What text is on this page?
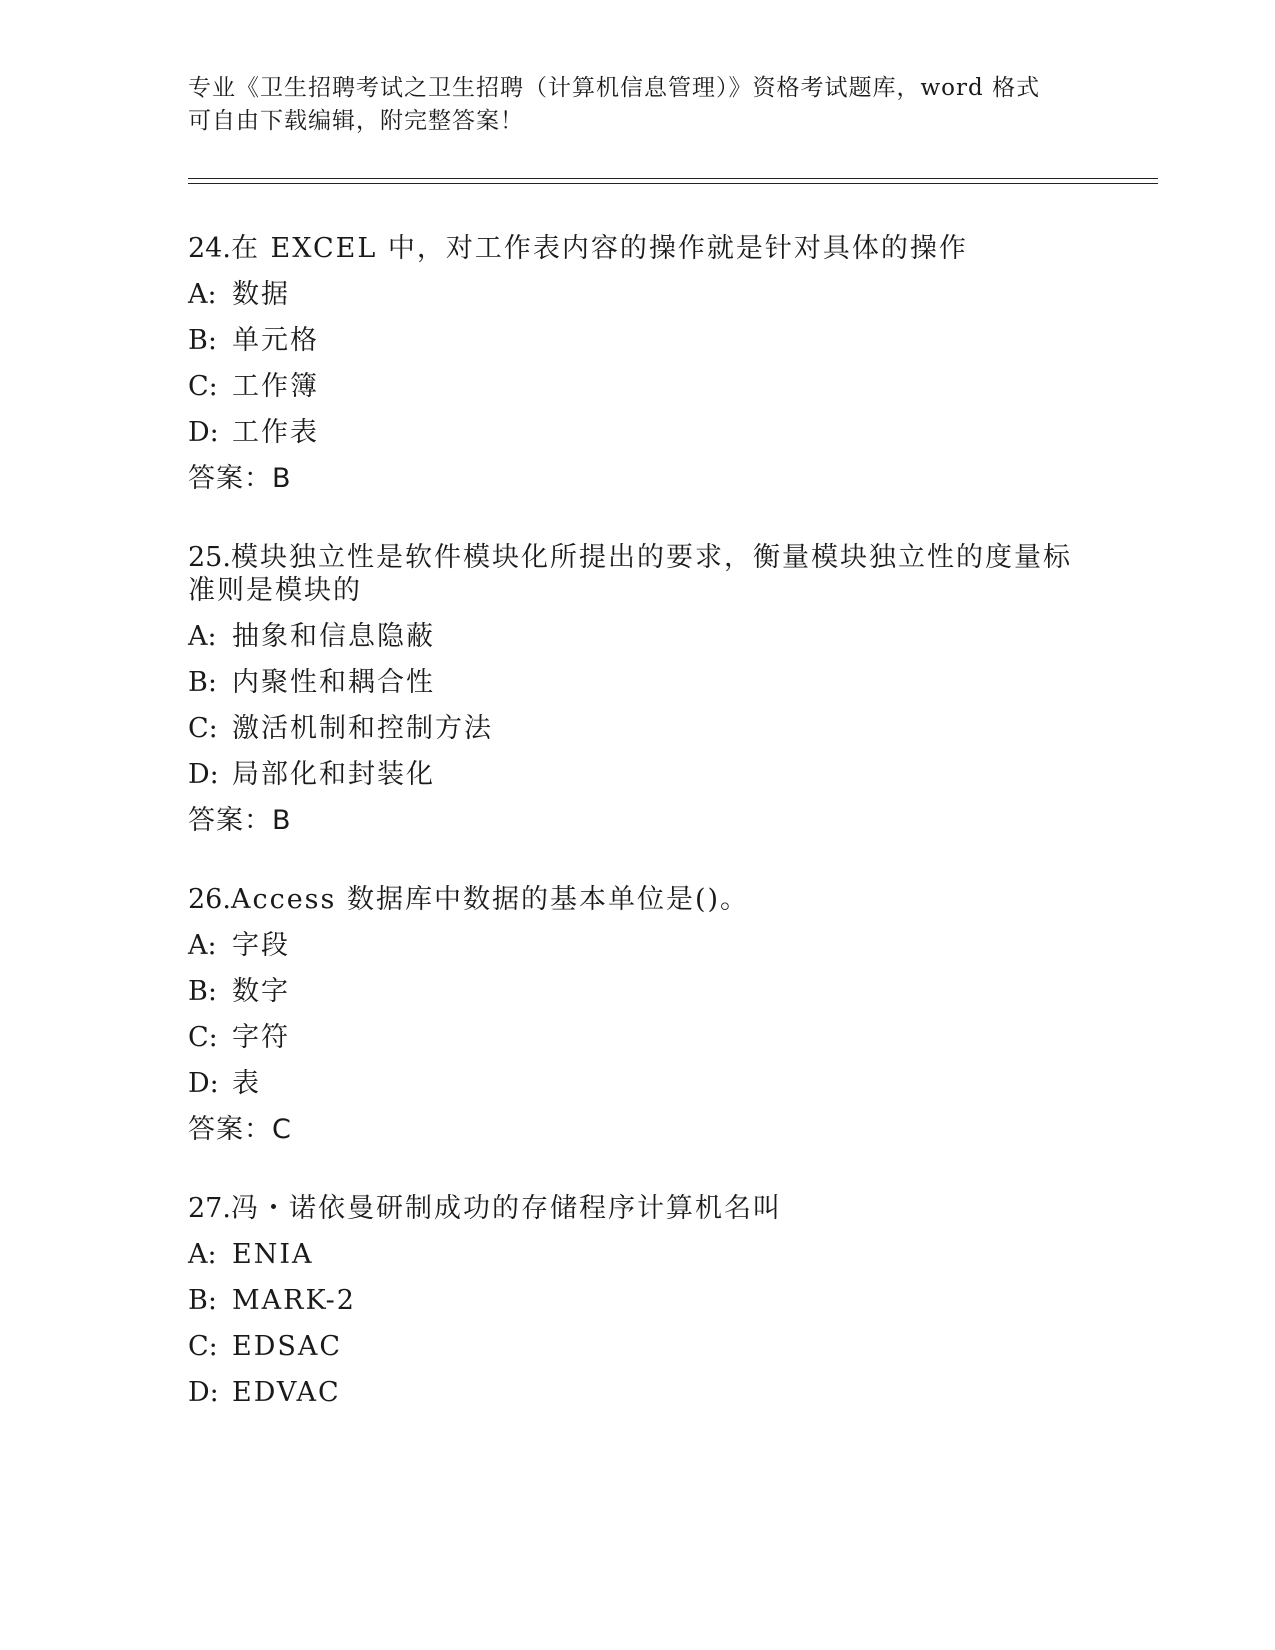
专业《卫生招聘考试之卫生招聘（计算机信息管理）》资格考试题库，word 格式
可自由下载编辑，附完整答案！
24.在 EXCEL 中，对工作表内容的操作就是针对具体的操作
A: 数据
B: 单元格
C: 工作簿
D: 工作表
答案：B
25.模块独立性是软件模块化所提出的要求，衡量模块独立性的度量标
准则是模块的
A: 抽象和信息隐蔽
B: 内聚性和耦合性
C: 激活机制和控制方法
D: 局部化和封装化
答案：B
26.Access 数据库中数据的基本单位是()。
A: 字段
B: 数字
C: 字符
D: 表
答案：C
27.冯・诺依曼研制成功的存储程序计算机名叫
A: ENIA
B: MARK-2
C: EDSAC
D: EDVAC
